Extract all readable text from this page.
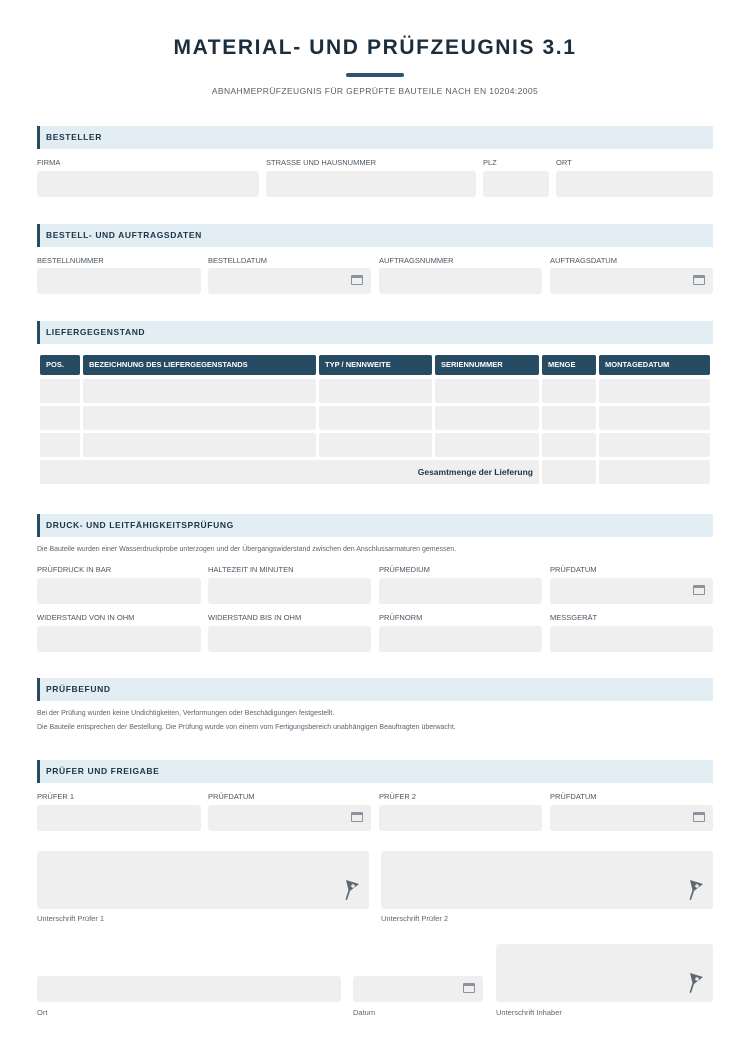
MATERIAL- UND PRÜFZEUGNIS 3.1
ABNAHMEPRÜFZEUGNIS FÜR GEPRÜFTE BAUTEILE NACH EN 10204:2005
BESTELLER
FIRMA	STRASSE UND HAUSNUMMER	PLZ	ORT
BESTELL- UND AUFTRAGSDATEN
BESTELLNUMMER	BESTELLDATUM	AUFTRAGSNUMMER	AUFTRAGSDATUM
LIEFERGEGENSTAND
POS.	BEZEICHNUNG DES LIEFERGEGENSTANDS	TYP / NENNWEITE	SERIENNUMMER	MENGE	MONTAGEDATUM
Gesamtmenge der Lieferung
DRUCK- UND LEITFÄHIGKEITSPRÜFUNG
Die Bauteile wurden einer Wasserdruckprobe unterzogen und der Übergangswiderstand zwischen den Anschlussarmaturen gemessen.
PRÜFDRUCK IN BAR	HALTEZEIT IN MINUTEN	PRÜFMEDIUM	PRÜFDATUM
WIDERSTAND VON IN OHM	WIDERSTAND BIS IN OHM	PRÜFNORM	MESSGERÄT
PRÜFBEFUND
Bei der Prüfung wurden keine Undichtigkeiten, Verformungen oder Beschädigungen festgestellt.
Die Bauteile entsprechen der Bestellung. Die Prüfung wurde von einem vom Fertigungsbereich unabhängigen Beauftragten überwacht.
PRÜFER UND FREIGABE
PRÜFER 1	PRÜFDATUM	PRÜFER 2	PRÜFDATUM
Unterschrift Prüfer 1	Unterschrift Prüfer 2
Ort	Datum	Unterschrift Inhaber
